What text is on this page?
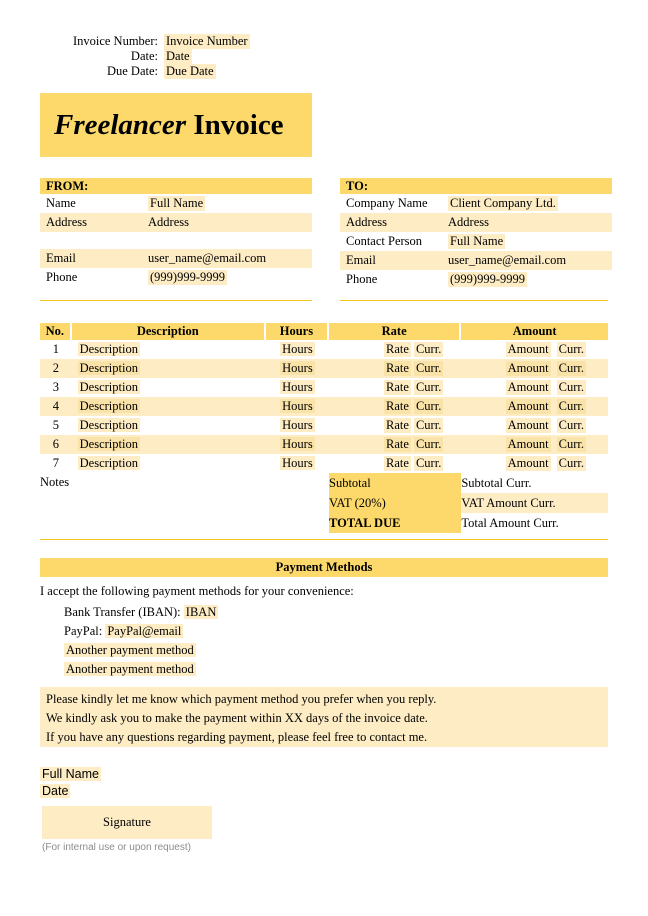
Invoice Number: Invoice Number
Date: Date
Due Date: Due Date
Freelancer Invoice
FROM:
Name	Full Name
Address	Address
Email	user_name@email.com
Phone	(999)999-9999
TO:
Company Name	Client Company Ltd.
Address	Address
Contact Person	Full Name
Email	user_name@email.com
Phone	(999)999-9999
No.	Description	Hours	Rate	Amount
1	Description	Hours	Rate Curr.	Amount Curr.

2	Description	Hours	Rate Curr.	Amount Curr.

3	Description	Hours	Rate Curr.	Amount Curr.

4	Description	Hours	Rate Curr.	Amount Curr.

5	Description	Hours	Rate Curr.	Amount Curr.

6	Description	Hours	Rate Curr.	Amount Curr.

7	Description	Hours	Rate Curr.	Amount Curr.

Notes			Subtotal	Subtotal Curr.
			VAT (20%)	VAT Amount Curr.
			TOTAL DUE	Total Amount Curr.
Payment Methods
I accept the following payment methods for your convenience:
Bank Transfer (IBAN): IBAN
PayPal: PayPal@email
Another payment method
Another payment method
Please kindly let me know which payment method you prefer when you reply.
We kindly ask you to make the payment within XX days of the invoice date.
If you have any questions regarding payment, please feel free to contact me.
Full Name
Date
Signature
(For internal use or upon request)
